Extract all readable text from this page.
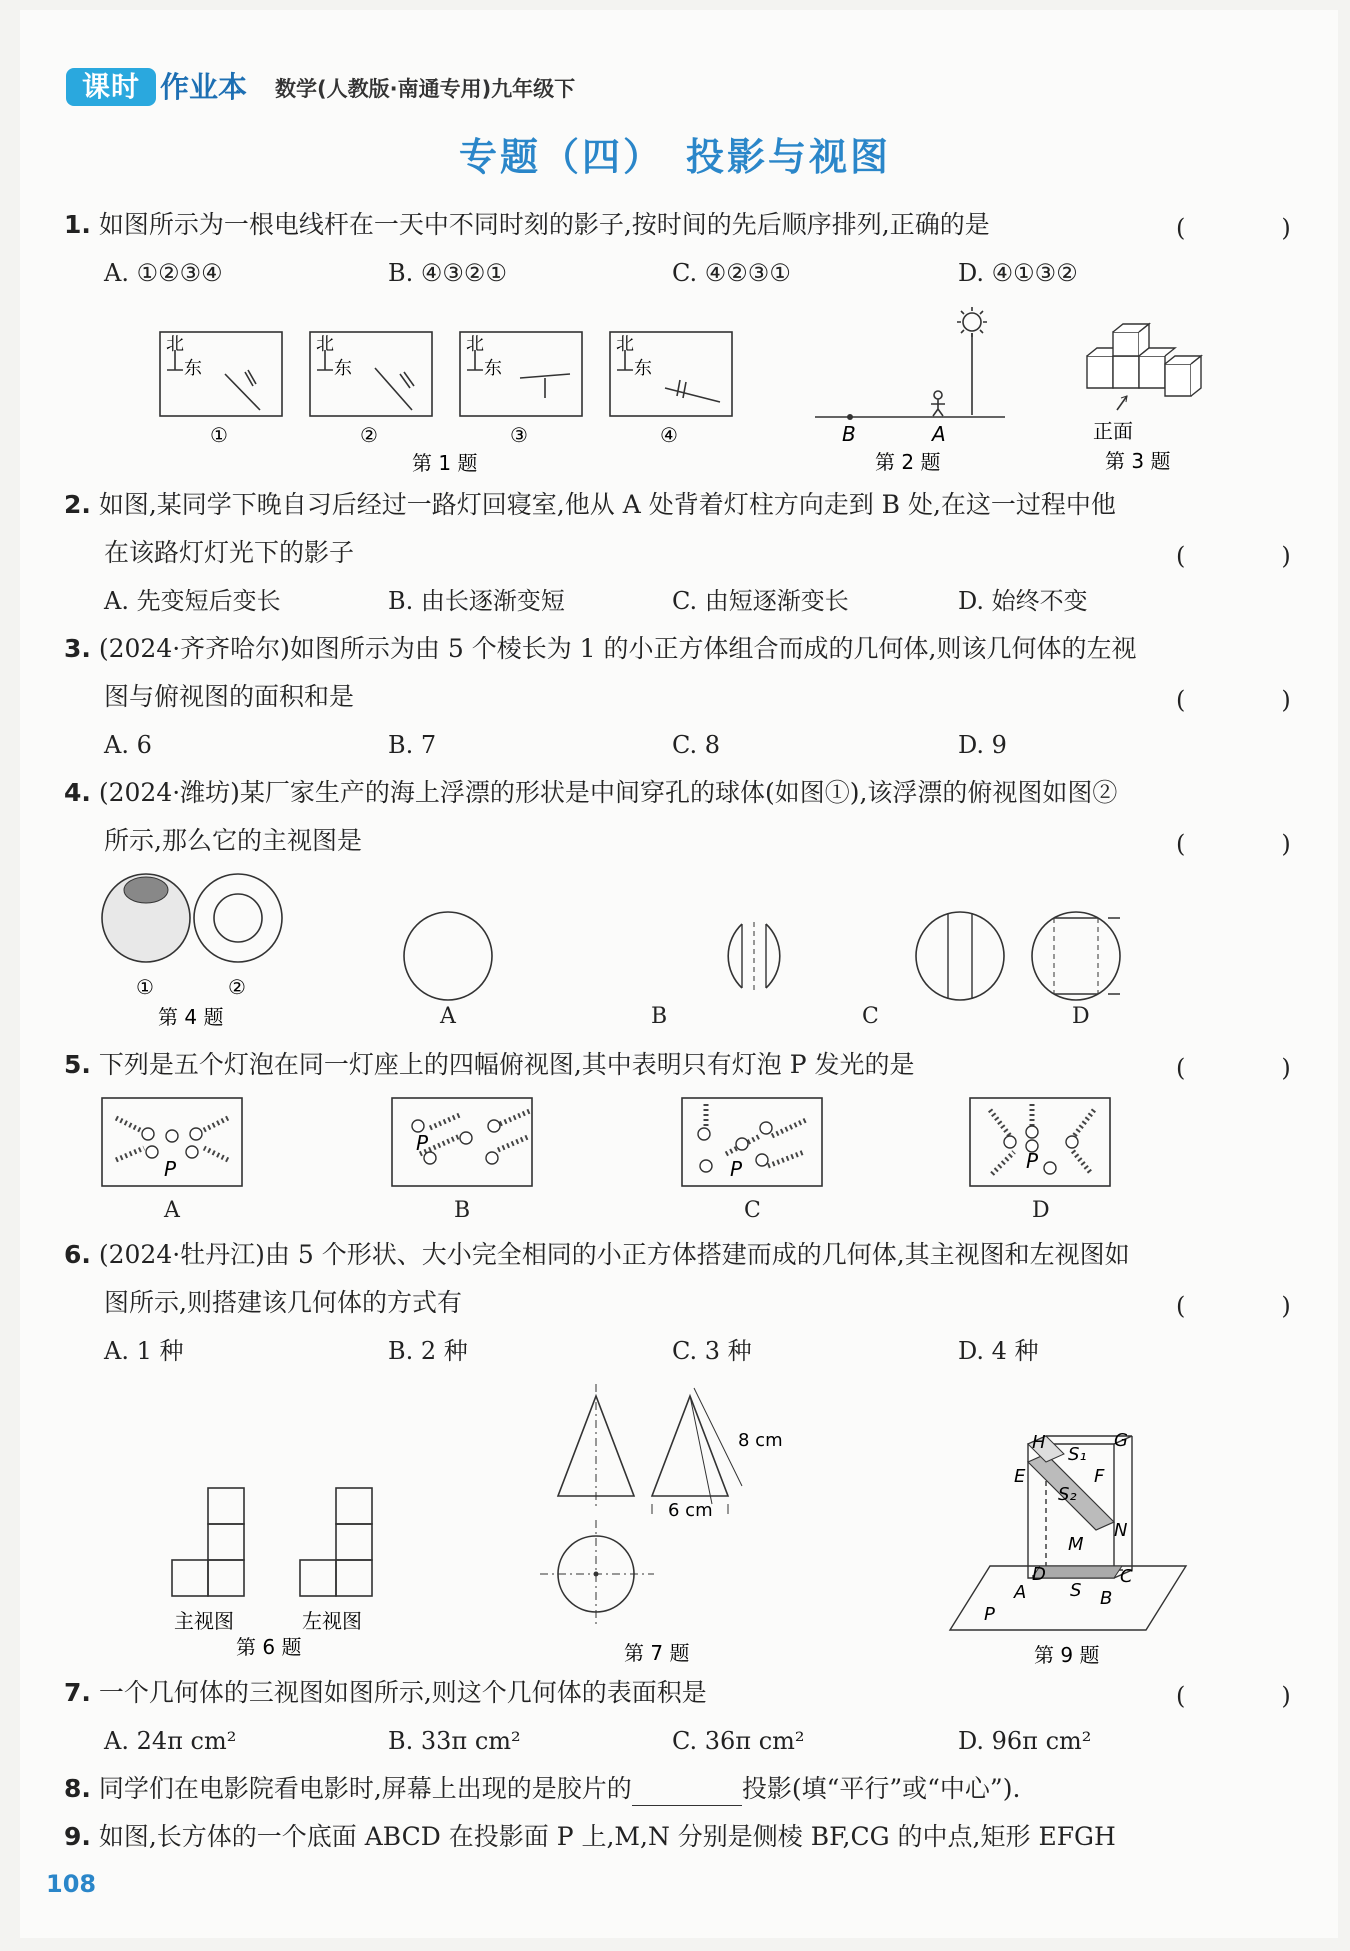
课时 作业本 数学(人教版·南通专用)九年级下
专题（四）　投影与视图
1. 如图所示为一根电线杆在一天中不同时刻的影子,按时间的先后顺序排列,正确的是	(　)
A. ①②③④	B. ④③②①	C. ④②③①	D. ④①③②
北
东
北
东
北
东
北
东
①	②	③	④
第 1 题
B	A
第 2 题
正面
第 3 题
2. 如图,某同学下晚自习后经过一路灯回寝室,他从 A 处背着灯柱方向走到 B 处,在这一过程中他
在该路灯灯光下的影子	(　)
A. 先变短后变长	B. 由长逐渐变短	C. 由短逐渐变长	D. 始终不变
3. (2024·齐齐哈尔)如图所示为由 5 个棱长为 1 的小正方体组合而成的几何体,则该几何体的左视
图与俯视图的面积和是	(　)
A. 6	B. 7	C. 8	D. 9
4. (2024·潍坊)某厂家生产的海上浮漂的形状是中间穿孔的球体(如图①),该浮漂的俯视图如图②
所示,那么它的主视图是	(　)
①	②
第 4 题	A	B	C	D
5. 下列是五个灯泡在同一灯座上的四幅俯视图,其中表明只有灯泡 P 发光的是	(　)
P
P
P	P
A	B	C	D
6. (2024·牡丹江)由 5 个形状、大小完全相同的小正方体搭建而成的几何体,其主视图和左视图如
图所示,则搭建该几何体的方式有	(　)
A. 1 种	B. 2 种	C. 3 种	D. 4 种
主视图	左视图
第 6 题
8 cm
6 cm
第 7 题
H	G
E	F
S₁
S₂
N
M
D	C
S
A	B
P
第 9 题
7. 一个几何体的三视图如图所示,则这个几何体的表面积是	(　)
A. 24π cm²	B. 33π cm²	C. 36π cm²	D. 96π cm²
8. 同学们在电影院看电影时,屏幕上出现的是胶片的	投影(填“平行”或“中心”).
9. 如图,长方体的一个底面 ABCD 在投影面 P 上,M,N 分别是侧棱 BF,CG 的中点,矩形 EFGH
108
